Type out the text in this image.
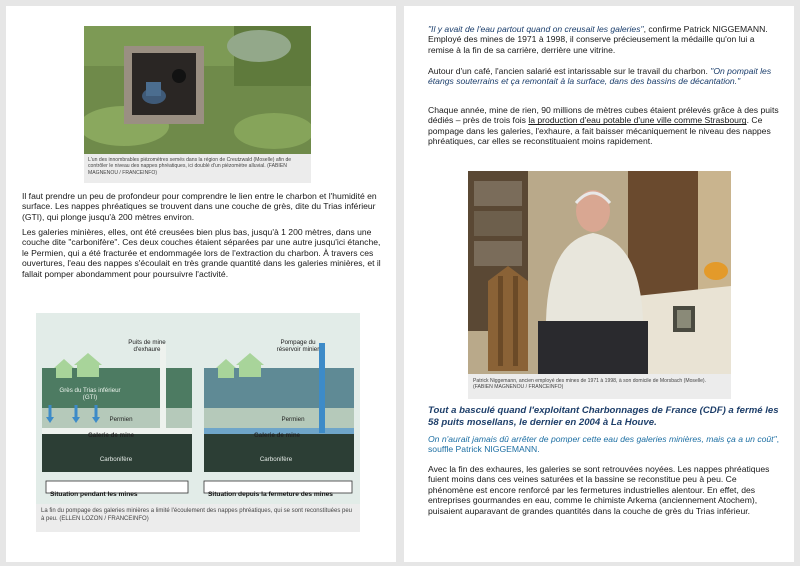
L'un des innombrables piézomètres semés dans la région de Creutzwald (Moselle) afin de contrôler le niveau des nappes phréatiques, ici doublé d'un piézomètre alluvial. (FABIEN MAGNENOU / FRANCEINFO)

Il faut prendre un peu de profondeur pour comprendre le lien entre le charbon et l'humidité en surface. Les nappes phréatiques se trouvent dans une couche de grès, dite du Trias inférieur (GTI), qui plonge jusqu'à 200 mètres environ.

Les galeries minières, elles, ont été creusées bien plus bas, jusqu'à 1 200 mètres, dans une couche dite "carbonifère". Ces deux couches étaient séparées par une autre jusqu'ici étanche, le Permien, qui a été fracturée et endommagée lors de l'extraction du charbon. À travers ces ouvertures, l'eau des nappes s'écoulait en très grande quantité dans les galeries minières, et il fallait pomper abondamment pour poursuivre l'activité.

Puits de mine
d'exhaure
Grès du Trias inférieur
(GTI)
Permien
Galerie de mine
Carbonifère
Situation pendant les mines
Pompage du
réservoir minier
Permien
Galerie de mine
Carbonifère
Situation depuis la fermeture des mines

La fin du pompage des galeries minières a limité l'écoulement des nappes phréatiques, qui se sont reconstituées peu à peu. (ELLEN LOZON / FRANCEINFO)

"Il y avait de l'eau partout quand on creusait les galeries", confirme Patrick NIGGEMANN. Employé des mines de 1971 à 1998, il conserve précieusement la médaille qu'on lui a remise à la fin de sa carrière, derrière une vitrine.

Autour d'un café, l'ancien salarié est intarissable sur le travail du charbon. "On pompait les étangs souterrains et ça remontait à la surface, dans des bassins de décantation."

Chaque année, mine de rien, 90 millions de mètres cubes étaient prélevés grâce à des puits dédiés – près de trois fois la production d'eau potable d'une ville comme Strasbourg. Ce pompage dans les galeries, l'exhaure, a fait baisser mécaniquement le niveau des nappes phréatiques, car elles se reconstituaient moins rapidement.

Patrick Niggemann, ancien employé des mines de 1971 à 1998, à son domicile de Morsbach (Moselle). (FABIEN MAGNENOU / FRANCEINFO)

Tout a basculé quand l'exploitant Charbonnages de France (CDF) a fermé les 58 puits mosellans, le dernier en 2004 à La Houve.

On n'aurait jamais dû arrêter de pomper cette eau des galeries minières, mais ça a un coût", souffle Patrick NIGGEMANN.

Avec la fin des exhaures, les galeries se sont retrouvées noyées. Les nappes phréatiques fuient moins dans ces veines saturées et la bassine se reconstitue peu à peu. Ce phénomène est encore renforcé par les fermetures industrielles alentour. En effet, des entreprises gourmandes en eau, comme le chimiste Arkema (anciennement Atochem), puisaient auparavant de grandes quantités dans la couche de grès du Trias inférieur.
